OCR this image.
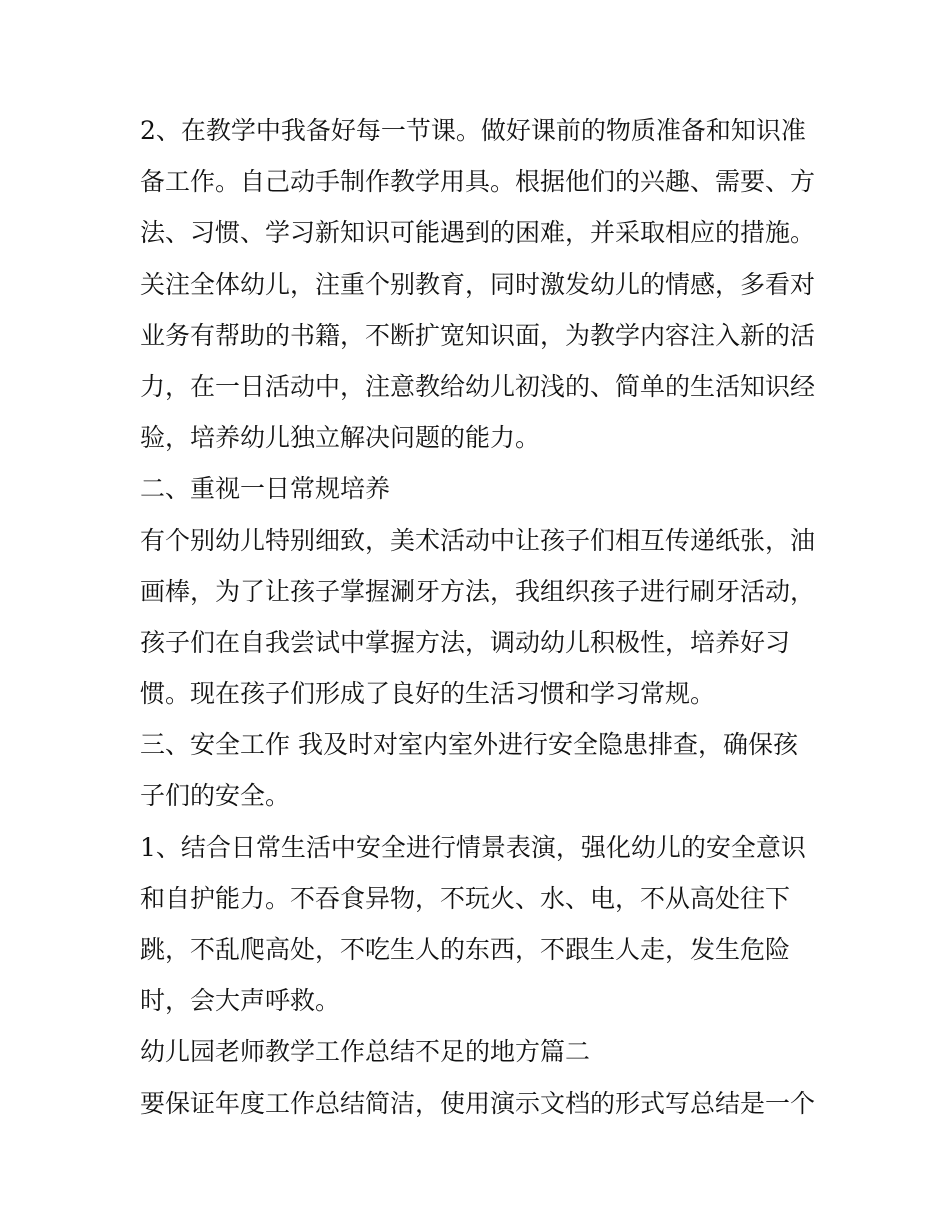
2、在教学中我备好每一节课。做好课前的物质准备和知识准
备工作。自己动手制作教学用具。根据他们的兴趣、需要、方
法、习惯、学习新知识可能遇到的困难，并采取相应的措施。
关注全体幼儿，注重个别教育，同时激发幼儿的情感，多看对
业务有帮助的书籍，不断扩宽知识面，为教学内容注入新的活
力，在一日活动中，注意教给幼儿初浅的、简单的生活知识经
验，培养幼儿独立解决问题的能力。
二、重视一日常规培养
有个别幼儿特别细致，美术活动中让孩子们相互传递纸张，油
画棒，为了让孩子掌握涮牙方法，我组织孩子进行刷牙活动，
孩子们在自我尝试中掌握方法，调动幼儿积极性，培养好习
惯。现在孩子们形成了良好的生活习惯和学习常规。
三、安全工作 我及时对室内室外进行安全隐患排查，确保孩
子们的安全。
1、结合日常生活中安全进行情景表演，强化幼儿的安全意识
和自护能力。不吞食异物，不玩火、水、电，不从高处往下
跳，不乱爬高处，不吃生人的东西，不跟生人走，发生危险
时，会大声呼救。
幼儿园老师教学工作总结不足的地方篇二
要保证年度工作总结简洁，使用演示文档的形式写总结是一个
